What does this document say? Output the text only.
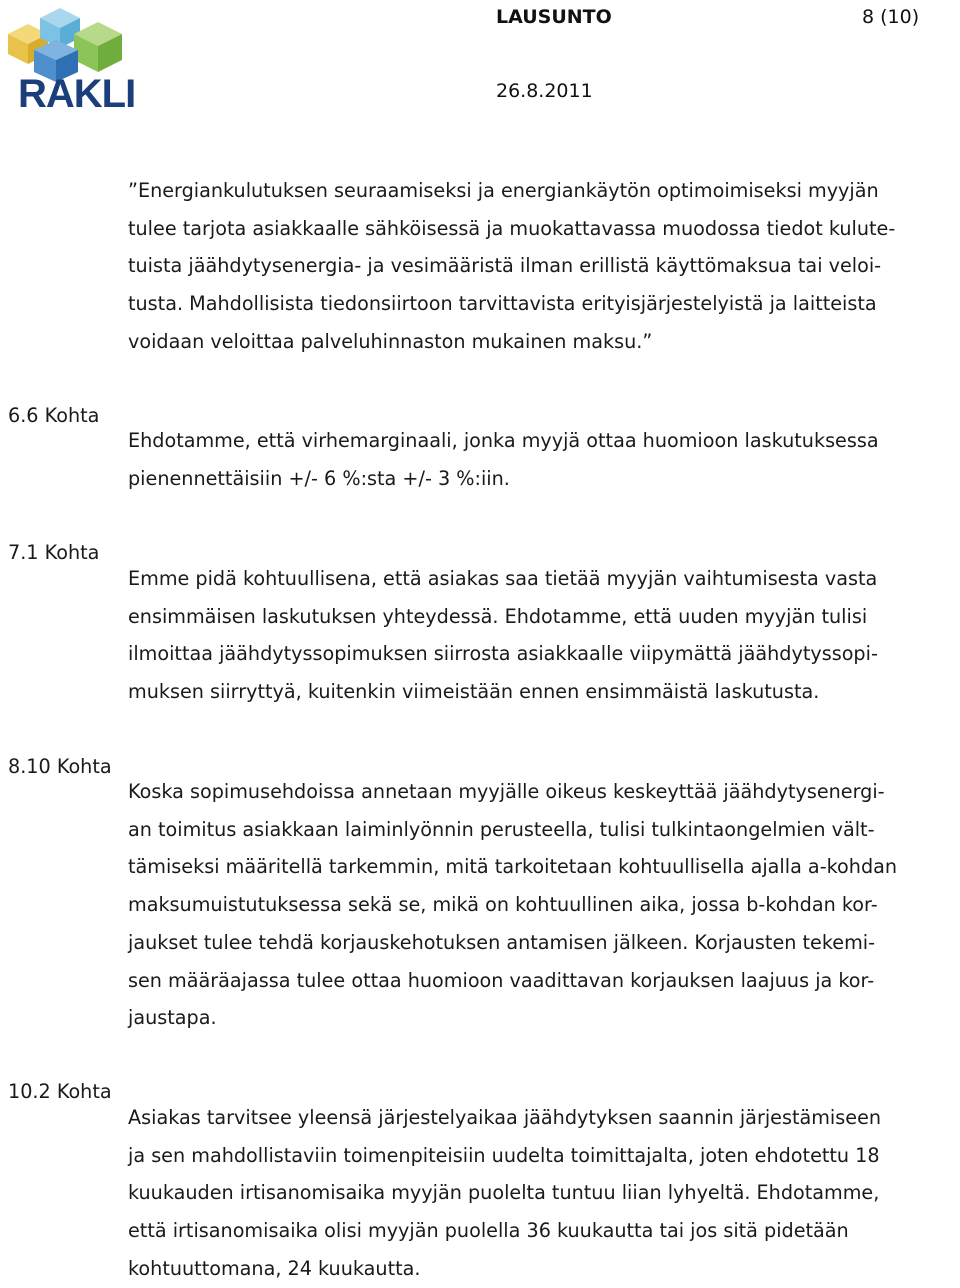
RAKLI
LAUSUNTO	8 (10)
26.8.2011
”Energiankulutuksen seuraamiseksi ja energiankäytön optimoimiseksi myyjän
tulee tarjota asiakkaalle sähköisessä ja muokattavassa muodossa tiedot kulute-
tuista jäähdytysenergia- ja vesimääristä ilman erillistä käyttömaksua tai veloi-
tusta. Mahdollisista tiedonsiirtoon tarvittavista erityisjärjestelyistä ja laitteista
voidaan veloittaa palveluhinnaston mukainen maksu.”
6.6 Kohta
Ehdotamme, että virhemarginaali, jonka myyjä ottaa huomioon laskutuksessa
pienennettäisiin +/- 6 %:sta +/- 3 %:iin.
7.1 Kohta
Emme pidä kohtuullisena, että asiakas saa tietää myyjän vaihtumisesta vasta
ensimmäisen laskutuksen yhteydessä. Ehdotamme, että uuden myyjän tulisi
ilmoittaa jäähdytyssopimuksen siirrosta asiakkaalle viipymättä jäähdytyssopi-
muksen siirryttyä, kuitenkin viimeistään ennen ensimmäistä laskutusta.
8.10 Kohta
Koska sopimusehdoissa annetaan myyjälle oikeus keskeyttää jäähdytysenergi-
an toimitus asiakkaan laiminlyönnin perusteella, tulisi tulkintaongelmien vält-
tämiseksi määritellä tarkemmin, mitä tarkoitetaan kohtuullisella ajalla a-kohdan
maksumuistutuksessa sekä se, mikä on kohtuullinen aika, jossa b-kohdan kor-
jaukset tulee tehdä korjauskehotuksen antamisen jälkeen. Korjausten tekemi-
sen määräajassa tulee ottaa huomioon vaadittavan korjauksen laajuus ja kor-
jaustapa.
10.2 Kohta
Asiakas tarvitsee yleensä järjestelyaikaa jäähdytyksen saannin järjestämiseen
ja sen mahdollistaviin toimenpiteisiin uudelta toimittajalta, joten ehdotettu 18
kuukauden irtisanomisaika myyjän puolelta tuntuu liian lyhyeltä. Ehdotamme,
että irtisanomisaika olisi myyjän puolella 36 kuukautta tai jos sitä pidetään
kohtuuttomana, 24 kuukautta.
